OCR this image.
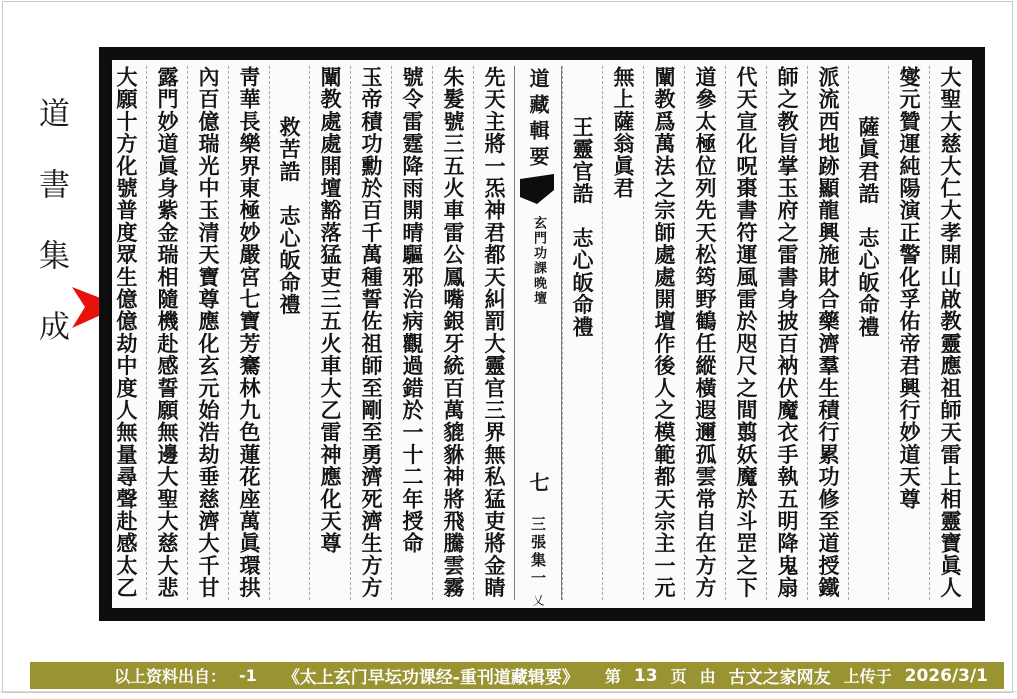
道書集成	大聖大慈大仁大孝開山啟教靈應祖師天雷上相靈寶眞人
燮元贊運純陽演正警化孚佑帝君興行妙道天尊
薩眞君誥　志心皈命禮
派流西地跡顯龍興施財合藥濟羣生積行累功修至道授鐵
師之教旨掌玉府之雷書身披百衲伏魔衣手執五明降鬼扇
代天宣化呪棗書符運風雷於咫尺之間翦妖魔於斗罡之下
道參太極位列先天松筠野鶴任縱橫遐邇孤雲常自在方方
闡教爲萬法之宗師處處開壇作後人之模範都天宗主一元
無上薩翁眞君
王靈官誥　志心皈命禮
道藏輯要
玄門功課晚壇
七
三張集一
乂
先天主將一炁神君都天糾罰大靈官三界無私猛吏將金睛
朱髮號三五火車雷公鳳嘴銀牙統百萬貔貅神將飛騰雲霧
號令雷霆降雨開晴驅邪治病觀過錯於一十二年授命
玉帝積功勳於百千萬種誓佐祖師至剛至勇濟死濟生方方
闡教處處開壇豁落猛吏三五火車大乙雷神應化天尊
救苦誥　志心皈命禮
靑華長樂界東極妙嚴宮七寶芳騫林九色蓮花座萬眞環拱
內百億瑞光中玉清天寶尊應化玄元始浩劫垂慈濟大千甘
露門妙道眞身紫金瑞相隨機赴感誓願無邊大聖大慈大悲
大願十方化號普度眾生億億劫中度人無量尋聲赴感太乙
以上资料出自： -1 《太上玄门早坛功课经-重刊道藏辑要》 第 13 页 由 古文之家网友 上传于 2026/3/1
